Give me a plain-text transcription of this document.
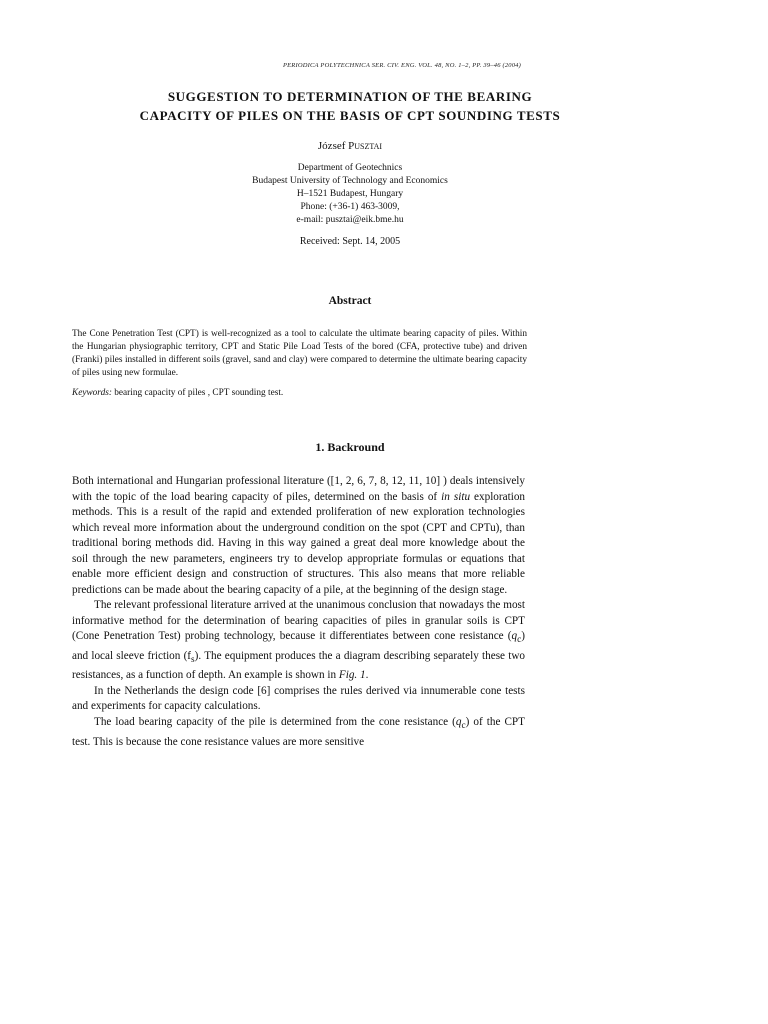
PERIODICA POLYTECHNICA SER. CIV. ENG. VOL. 48, NO. 1–2, PP. 39–46 (2004)
SUGGESTION TO DETERMINATION OF THE BEARING
CAPACITY OF PILES ON THE BASIS OF CPT SOUNDING TESTS
József Pusztai
Department of Geotechnics
Budapest University of Technology and Economics
H–1521 Budapest, Hungary
Phone: (+36-1) 463-3009,
e-mail: pusztai@eik.bme.hu
Received: Sept. 14, 2005
Abstract
The Cone Penetration Test (CPT) is well-recognized as a tool to calculate the ultimate bearing capacity of piles. Within the Hungarian physiographic territory, CPT and Static Pile Load Tests of the bored (CFA, protective tube) and driven (Franki) piles installed in different soils (gravel, sand and clay) were compared to determine the ultimate bearing capacity of piles using new formulae.
Keywords: bearing capacity of piles , CPT sounding test.
1. Backround

Both international and Hungarian professional literature ([1, 2, 6, 7, 8, 12, 11, 10] ) deals intensively with the topic of the load bearing capacity of piles, determined on the basis of in situ exploration methods. This is a result of the rapid and extended proliferation of new exploration technologies which reveal more information about the underground condition on the spot (CPT and CPTu), than traditional boring methods did. Having in this way gained a great deal more knowledge about the soil through the new parameters, engineers try to develop appropriate formulas or equations that enable more efficient design and construction of structures. This also means that more reliable predictions can be made about the bearing capacity of a pile, at the beginning of the design stage.

The relevant professional literature arrived at the unanimous conclusion that nowadays the most informative method for the determination of bearing capacities of piles in granular soils is CPT (Cone Penetration Test) probing technology, because it differentiates between cone resistance $(q_c)$ and local sleeve friction $(f_s)$. The equipment produces the a diagram describing separately these two resistances, as a function of depth. An example is shown in Fig. 1.

In the Netherlands the design code [6] comprises the rules derived via innumerable cone tests and experiments for capacity calculations.

The load bearing capacity of the pile is determined from the cone resistance $(q_c)$ of the CPT test. This is because the cone resistance values are more sensitive
